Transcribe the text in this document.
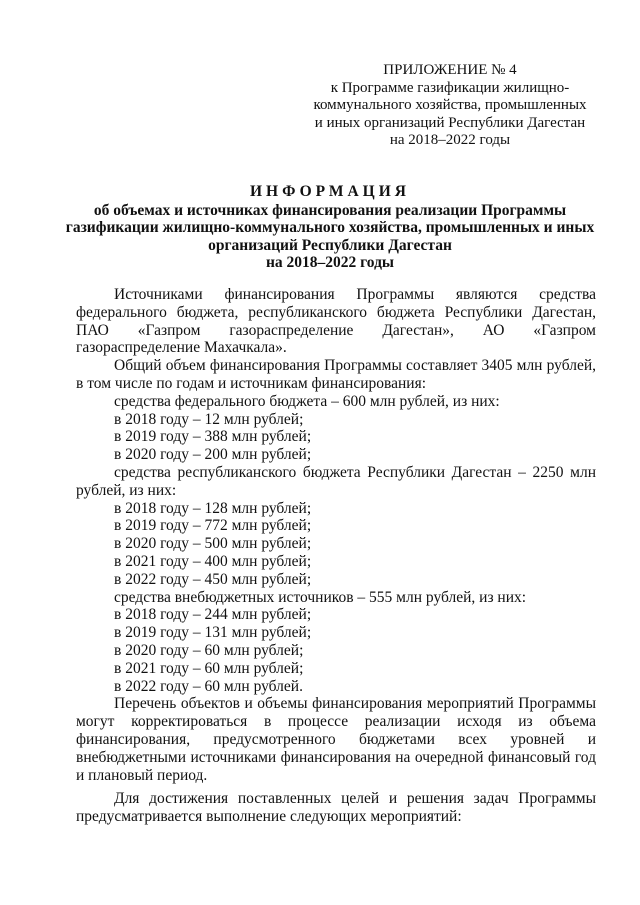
ПРИЛОЖЕНИЕ № 4
к Программе газификации жилищно-
коммунального хозяйства, промышленных
и иных организаций Республики Дагестан
на 2018–2022 годы
ИНФОРМАЦИЯ
об объемах и источниках финансирования реализации Программы
газификации жилищно-коммунального хозяйства, промышленных и иных
организаций Республики Дагестан
на 2018–2022 годы

Источниками финансирования Программы являются средства федерального бюджета, республиканского бюджета Республики Дагестан, ПАО «Газпром газораспределение Дагестан», АО «Газпром газораспределение Махачкала».

Общий объем финансирования Программы составляет 3405 млн рублей, в том числе по годам и источникам финансирования:

средства федерального бюджета – 600 млн рублей, из них:
в 2018 году – 12 млн рублей;
в 2019 году – 388 млн рублей;
в 2020 году – 200 млн рублей;

средства республиканского бюджета Республики Дагестан – 2250 млн рублей, из них:

в 2018 году – 128 млн рублей;
в 2019 году – 772 млн рублей;
в 2020 году – 500 млн рублей;
в 2021 году – 400 млн рублей;
в 2022 году – 450 млн рублей;
средства внебюджетных источников – 555 млн рублей, из них:
в 2018 году – 244 млн рублей;
в 2019 году – 131 млн рублей;
в 2020 году – 60 млн рублей;
в 2021 году – 60 млн рублей;
в 2022 году – 60 млн рублей.

Перечень объектов и объемы финансирования мероприятий Программы могут корректироваться в процессе реализации исходя из объема финансирования, предусмотренного бюджетами всех уровней и внебюджетными источниками финансирования на очередной финансовый год и плановый период.

Для достижения поставленных целей и решения задач Программы предусматривается выполнение следующих мероприятий:
